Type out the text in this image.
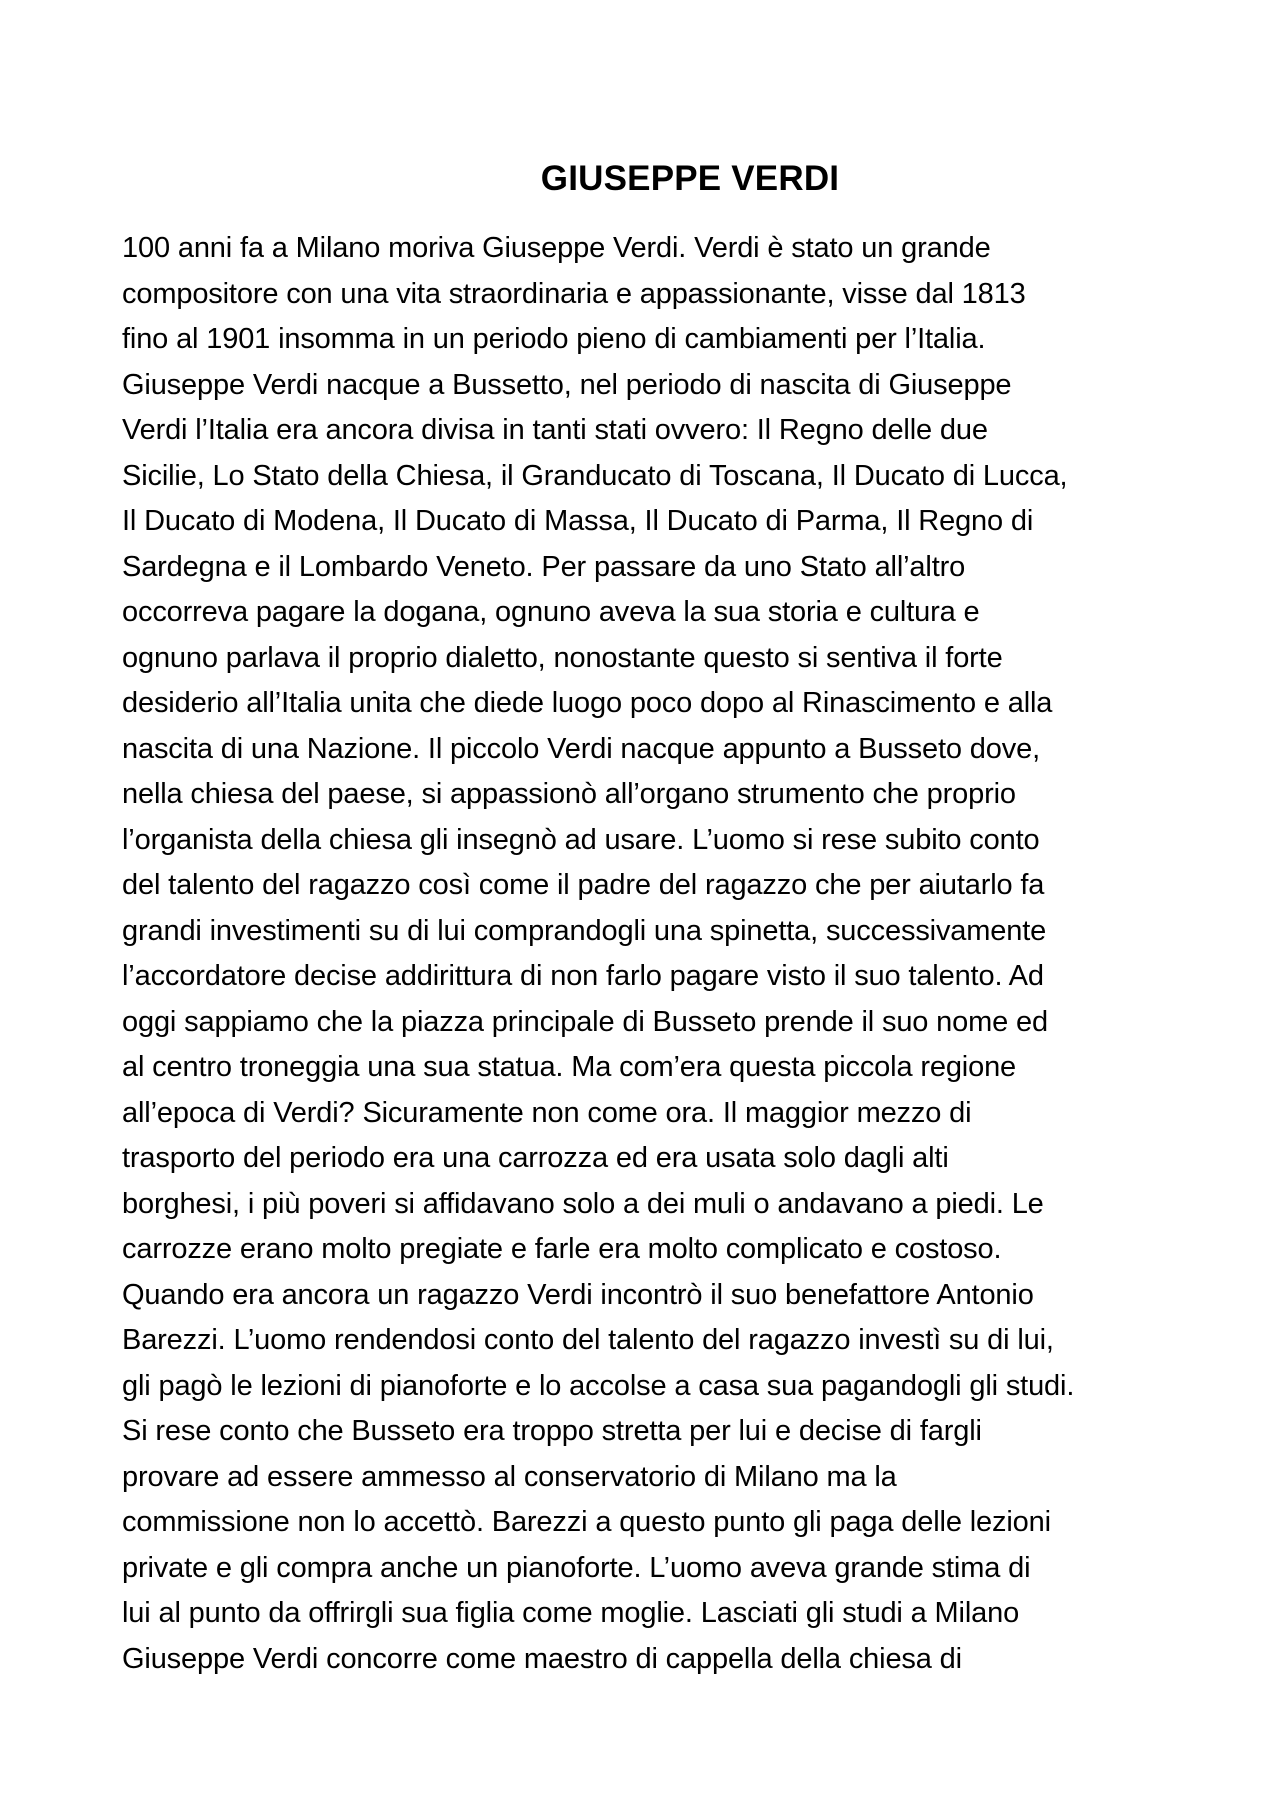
GIUSEPPE VERDI
100 anni fa a Milano moriva Giuseppe Verdi. Verdi è stato un grande
compositore con una vita straordinaria e appassionante, visse dal 1813
fino al 1901 insomma in un periodo pieno di cambiamenti per l’Italia.
Giuseppe Verdi nacque a Bussetto, nel periodo di nascita di Giuseppe
Verdi l’Italia era ancora divisa in tanti stati ovvero: Il Regno delle due
Sicilie, Lo Stato della Chiesa, il Granducato di Toscana, Il Ducato di Lucca,
Il Ducato di Modena, Il Ducato di Massa, Il Ducato di Parma, Il Regno di
Sardegna e il Lombardo Veneto. Per passare da uno Stato all’altro
occorreva pagare la dogana, ognuno aveva la sua storia e cultura e
ognuno parlava il proprio dialetto, nonostante questo si sentiva il forte
desiderio all’Italia unita che diede luogo poco dopo al Rinascimento e alla
nascita di una Nazione. Il piccolo Verdi nacque appunto a Busseto dove,
nella chiesa del paese, si appassionò all’organo strumento che proprio
l’organista della chiesa gli insegnò ad usare. L’uomo si rese subito conto
del talento del ragazzo così come il padre del ragazzo che per aiutarlo fa
grandi investimenti su di lui comprandogli una spinetta, successivamente
l’accordatore decise addirittura di non farlo pagare visto il suo talento. Ad
oggi sappiamo che la piazza principale di Busseto prende il suo nome ed
al centro troneggia una sua statua. Ma com’era questa piccola regione
all’epoca di Verdi? Sicuramente non come ora. Il maggior mezzo di
trasporto del periodo era una carrozza ed era usata solo dagli alti
borghesi, i più poveri si affidavano solo a dei muli o andavano a piedi. Le
carrozze erano molto pregiate e farle era molto complicato e costoso.
Quando era ancora un ragazzo Verdi incontrò il suo benefattore Antonio
Barezzi. L’uomo rendendosi conto del talento del ragazzo investì su di lui,
gli pagò le lezioni di pianoforte e lo accolse a casa sua pagandogli gli studi.
Si rese conto che Busseto era troppo stretta per lui e decise di fargli
provare ad essere ammesso al conservatorio di Milano ma la
commissione non lo accettò. Barezzi a questo punto gli paga delle lezioni
private e gli compra anche un pianoforte. L’uomo aveva grande stima di
lui al punto da offrirgli sua figlia come moglie. Lasciati gli studi a Milano
Giuseppe Verdi concorre come maestro di cappella della chiesa di
